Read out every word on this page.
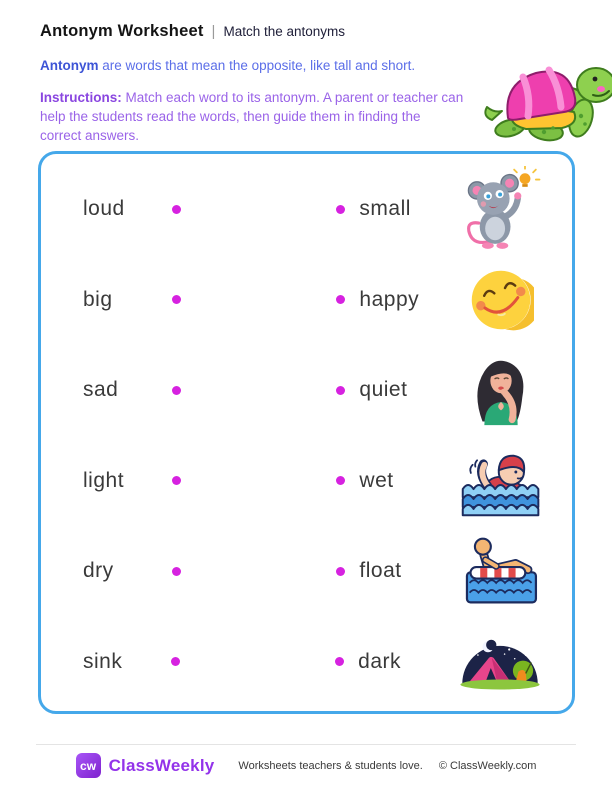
Antonym Worksheet | Match the antonyms
Antonym are words that mean the opposite, like tall and short.
Instructions: Match each word to its antonym. A parent or teacher can help the students read the words, then guide them in finding the correct answers.
loud	small
big	happy
sad	quiet
light	wet
dry	float
sink	dark
cw ClassWeekly Worksheets teachers & students love. © ClassWeekly.com
